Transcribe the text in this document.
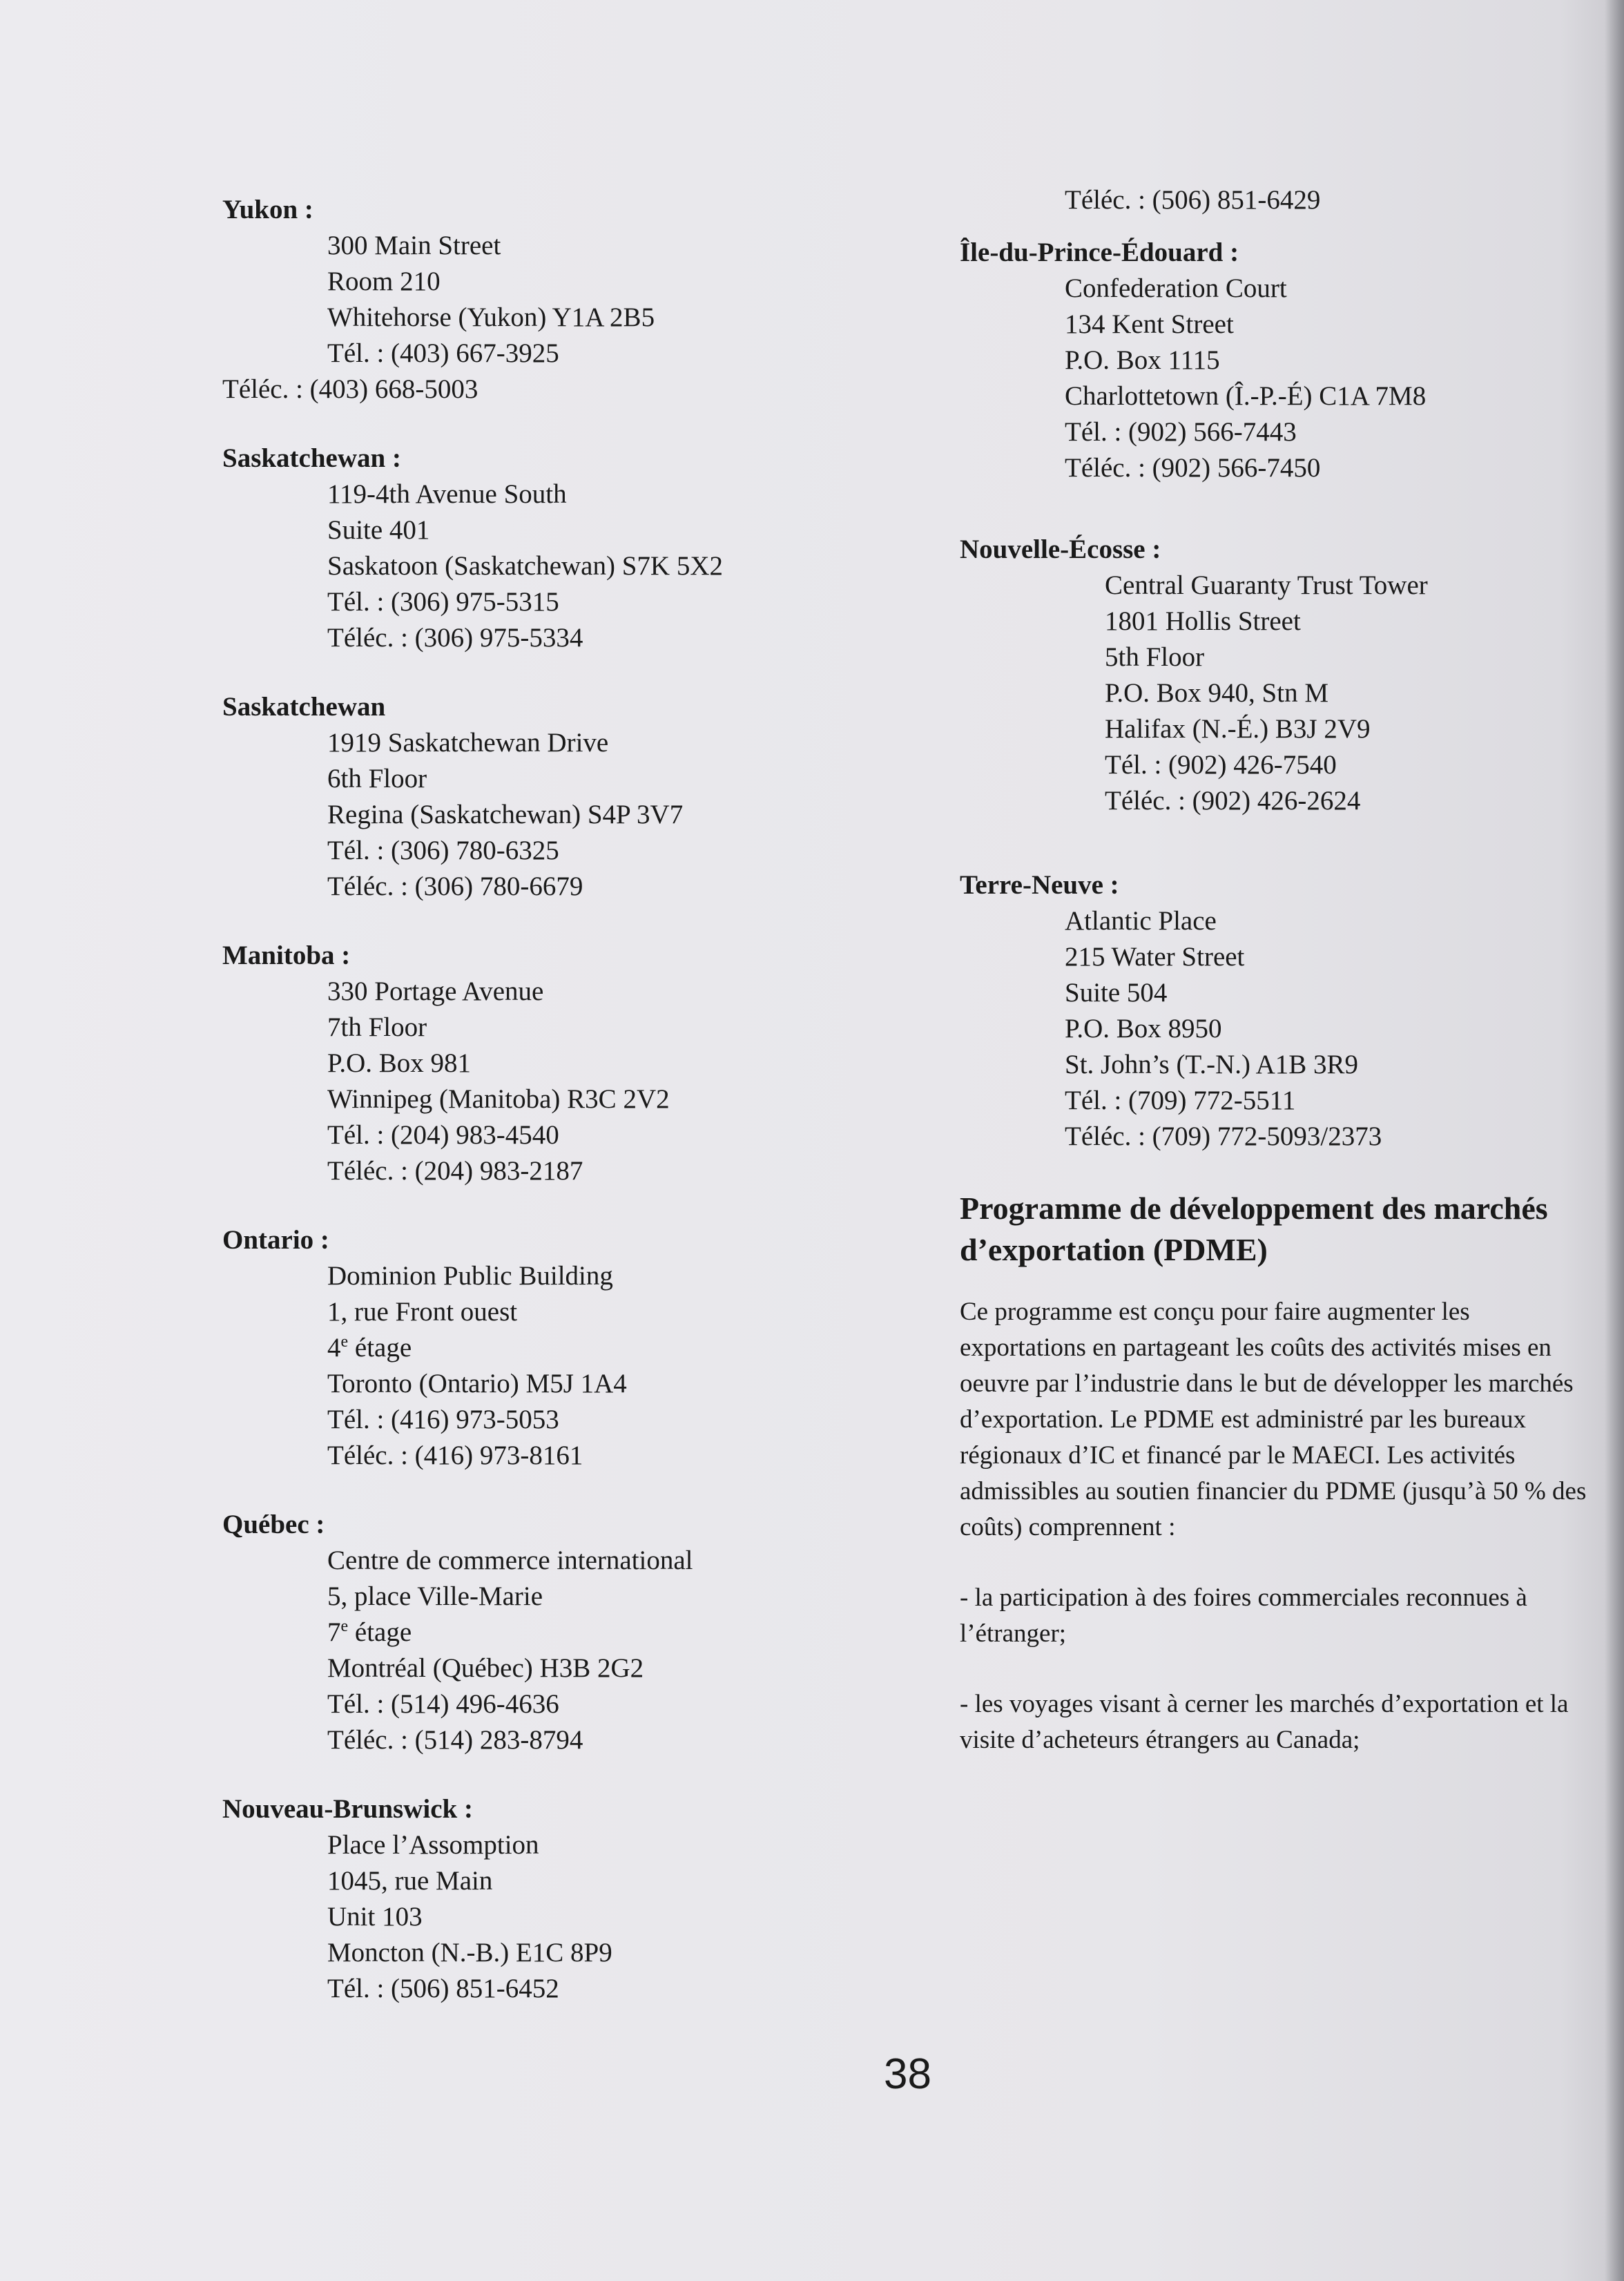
Yukon :
300 Main Street
Room 210
Whitehorse (Yukon) Y1A 2B5
Tél. : (403) 667-3925
Téléc. : (403) 668-5003
Saskatchewan :
119-4th Avenue South
Suite 401
Saskatoon (Saskatchewan) S7K 5X2
Tél. : (306) 975-5315
Téléc. : (306) 975-5334
Saskatchewan
1919 Saskatchewan Drive
6th Floor
Regina (Saskatchewan) S4P 3V7
Tél. : (306) 780-6325
Téléc. : (306) 780-6679
Manitoba :
330 Portage Avenue
7th Floor
P.O. Box 981
Winnipeg (Manitoba) R3C 2V2
Tél. : (204) 983-4540
Téléc. : (204) 983-2187
Ontario :
Dominion Public Building
1, rue Front ouest
4e étage
Toronto (Ontario) M5J 1A4
Tél. : (416) 973-5053
Téléc. : (416) 973-8161
Québec :
Centre de commerce international
5, place Ville-Marie
7e étage
Montréal (Québec) H3B 2G2
Tél. : (514) 496-4636
Téléc. : (514) 283-8794
Nouveau-Brunswick :
Place l’Assomption
1045, rue Main
Unit 103
Moncton (N.-B.) E1C 8P9
Tél. : (506) 851-6452
Téléc. : (506) 851-6429
Île-du-Prince-Édouard :
Confederation Court
134 Kent Street
P.O. Box 1115
Charlottetown (Î.-P.-É) C1A 7M8
Tél. : (902) 566-7443
Téléc. : (902) 566-7450
Nouvelle-Écosse :
Central Guaranty Trust Tower
1801 Hollis Street
5th Floor
P.O. Box 940, Stn M
Halifax (N.-É.) B3J 2V9
Tél. : (902) 426-7540
Téléc. : (902) 426-2624
Terre-Neuve :
Atlantic Place
215 Water Street
Suite 504
P.O. Box 8950
St. John’s (T.-N.) A1B 3R9
Tél. : (709) 772-5511
Téléc. : (709) 772-5093/2373
Programme de développement des marchés d’exportation (PDME)
Ce programme est conçu pour faire augmenter les exportations en partageant les coûts des activités mises en oeuvre par l’industrie dans le but de développer les marchés d’exportation. Le PDME est administré par les bureaux régionaux d’IC et financé par le MAECI. Les activités admissibles au soutien financier du PDME (jusqu’à 50 % des coûts) comprennent :
- la participation à des foires commerciales reconnues à l’étranger;
- les voyages visant à cerner les marchés d’exportation et la visite d’acheteurs étrangers au Canada;
38
